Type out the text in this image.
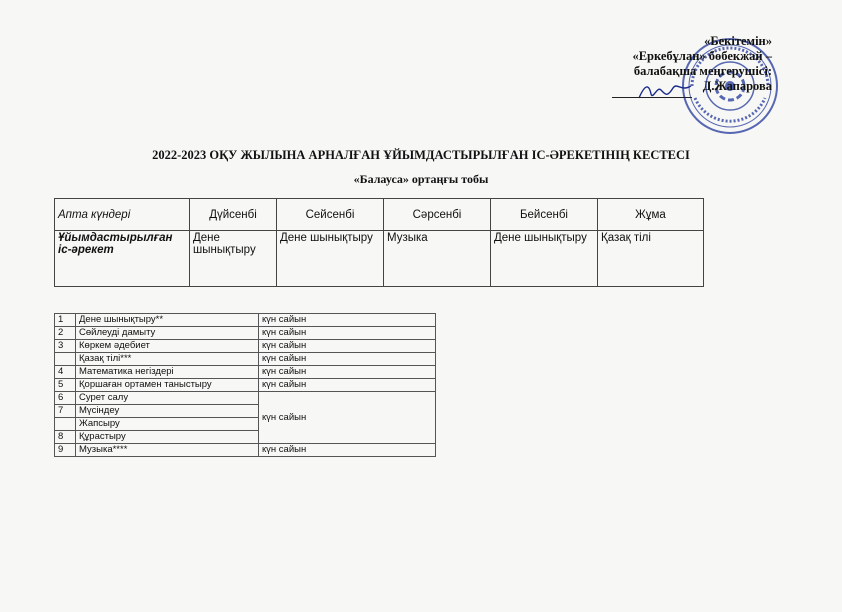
«Бекітемін»
«Еркебұлан» бөбекжай –
балабақша меңгерушісі:
Д.Жапарова
2022-2023 ОҚУ ЖЫЛЫНА АРНАЛҒАН ҰЙЫМДАСТЫРЫЛҒАН ІС-ӘРЕКЕТІНІҢ КЕСТЕСІ
«Балауса» ортаңғы тобы
Апта күндері	Дүйсенбі	Сейсенбі	Сәрсенбі	Бейсенбі	Жұма
Ұйымдастырылған іс-әрекет	Дене шынықтыру	Дене шынықтыру	Музыка	Дене шынықтыру	Қазақ тілі
1	Дене шынықтыру**	күн сайын
2	Сөйлеуді дамыту	күн сайын
3	Көркем әдебиет	күн сайын
	Қазақ тілі***	күн сайын
4	Математика негіздері	күн сайын
5	Қоршаған ортамен таныстыру	күн сайын
6	Сурет салу	күн сайын
7	Мүсіндеу	
	Жапсыру	
8	Құрастыру	
9	Музыка****	күн сайын
